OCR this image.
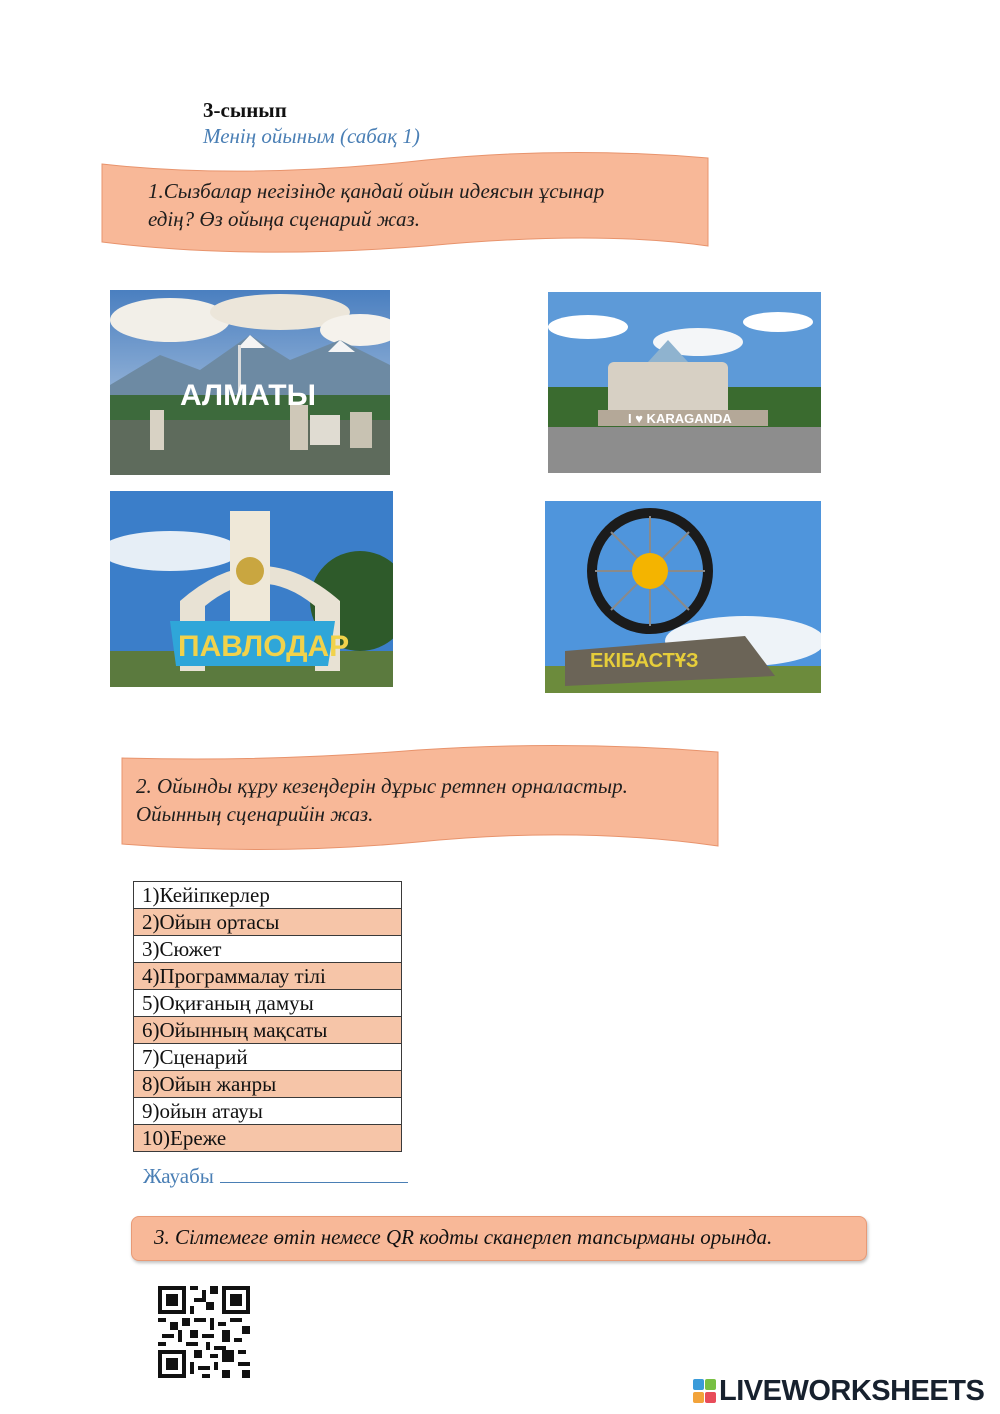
3-сынып
Менің ойыным (сабақ 1)
1.Сызбалар негізінде қандай ойын идеясын ұсынар
едің? Өз ойыңа сценарий жаз.
АЛМАТЫ
I ♥ KARAGANDA
ПАВЛОДАР	ЕКІБАСТҰЗ
2. Ойынды құру кезеңдерін дұрыс ретпен орналастыр.
Ойынның сценарийін жаз.
1)Кейіпкерлер
2)Ойын ортасы
3)Сюжет
4)Программалау тілі
5)Оқиғаның дамуы
6)Ойынның мақсаты
7)Сценарий
8)Ойын жанры
9)ойын атауы
10)Ереже
Жауабы
3. Сілтемеге өтіп немесе QR кодты сканерлеп тапсырманы орында.
LIVEWORKSHEETS
